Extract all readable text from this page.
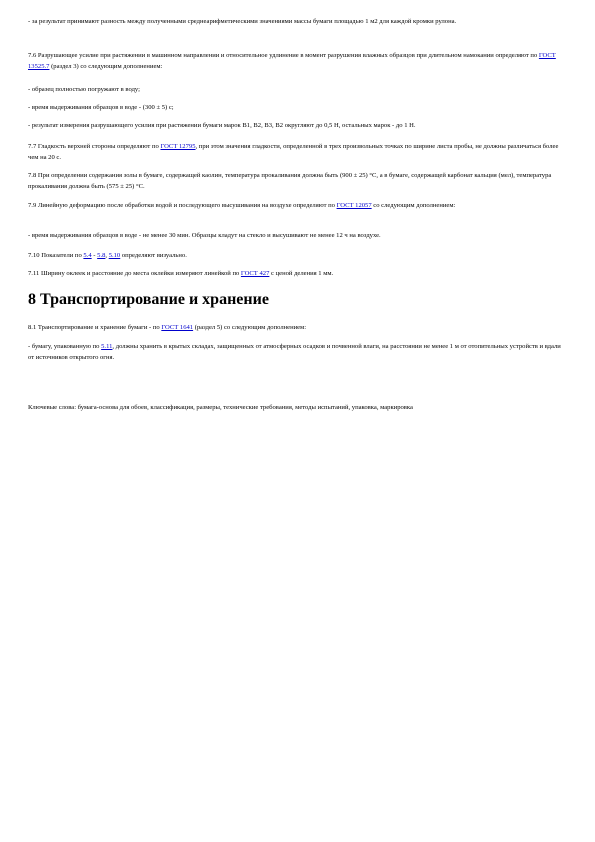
- за результат принимают разность между полученными среднеарифметическими значениями массы бумаги площадью 1 м2 для каждой кромки рулона.

7.6 Разрушающее усилие при растяжении в машинном направлении и относительное удлинение в момент разрушения влажных образцов при длительном намокании определяют по ГОСТ 13525.7 (раздел 3) со следующим дополнением:

- образец полностью погружают в воду;

- время выдерживания образцов в воде - (300 ± 5) с;

- результат измерения разрушающего усилия при растяжении бумаги марок В1, В2, В3, В2 округляют до 0,5 Н, остальных марок - до 1 Н.

7.7 Гладкость верхней стороны определяют по ГОСТ 12795, при этом значения гладкости, определенной в трех произвольных точках по ширине листа пробы, не должны различаться более чем на 20 с.

7.8 При определении содержания золы в бумаге, содержащей каолин, температура прокаливания должна быть (900 ± 25) °С, а в бумаге, содержащей карбонат кальция (мел), температура прокаливания должна быть (575 ± 25) °С.

7.9 Линейную деформацию после обработки водой и последующего высушивания на воздухе определяют по ГОСТ 12057 со следующим дополнением:

- время выдерживания образцов в воде - не менее 30 мин. Образцы кладут на стекло и высушивают не менее 12 ч на воздухе.

7.10 Показатели по 5.4 - 5.8, 5.10 определяют визуально.

7.11 Ширину оклеек и расстояние до места оклейки измеряют линейкой по ГОСТ 427 с ценой деления 1 мм.

8 Транспортирование и хранение

8.1 Транспортирование и хранение бумаги - по ГОСТ 1641 (раздел 5) со следующим дополнением:

- бумагу, упакованную по 5.11, должны хранить в крытых складах, защищенных от атмосферных осадков и почвенной влаги, на расстоянии не менее 1 м от отопительных устройств и вдали от источников открытого огня.

Ключевые слова: бумага-основа для обоев, классификация, размеры, технические требования, методы испытаний, упаковка, маркировка
